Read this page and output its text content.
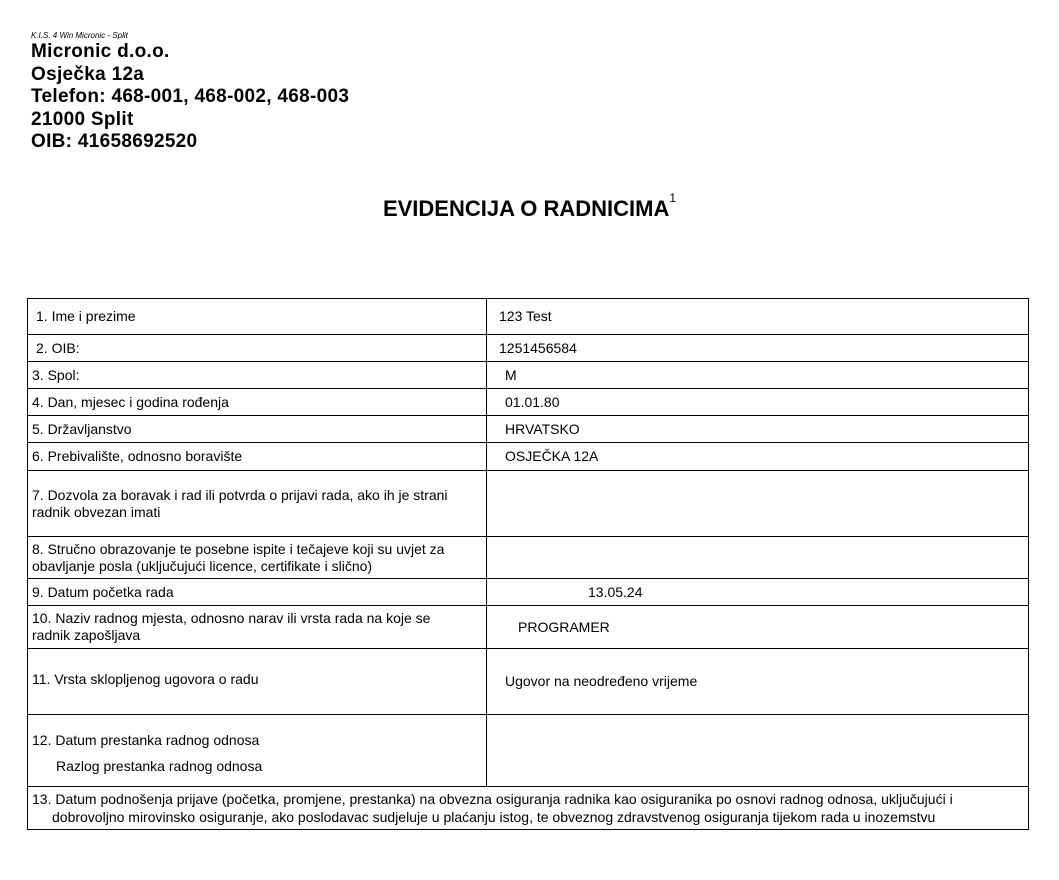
K.I.S. 4 Win Micronic - Split
Micronic d.o.o.
Osječka 12a
Telefon: 468-001, 468-002, 468-003
21000 Split
OIB: 41658692520
EVIDENCIJA O RADNICIMA$^1$
1. Ime i prezime	123 Test

2. OIB:	1251456584

3. Spol:	M

4. Dan, mjesec i godina rođenja	01.01.80

5. Državljanstvo	HRVATSKO

6. Prebivalište, odnosno boravište	OSJEČKA 12A

7. Dozvola za boravak i rad ili potvrda o prijavi rada, ako ih je strani
radnik obvezan imati	

8. Stručno obrazovanje te posebne ispite i tečajeve koji su uvjet za
obavljanje posla (uključujući licence, certifikate i slično)	

9. Datum početka rada	13.05.24

10. Naziv radnog mjesta, odnosno narav ili vrsta rada na koje se
radnik zapošljava	PROGRAMER

11. Vrsta sklopljenog ugovora o radu	Ugovor na neodređeno vrijeme

12. Datum prestanka radnog odnosa
Razlog prestanka radnog odnosa	

13. Datum podnošenja prijave (početka, promjene, prestanka) na obvezna osiguranja radnika kao osiguranika po osnovi radnog odnosa, uključujući i
dobrovoljno mirovinsko osiguranje, ako poslodavac sudjeluje u plaćanju istog, te obveznog zdravstvenog osiguranja tijekom rada u inozemstvu	
